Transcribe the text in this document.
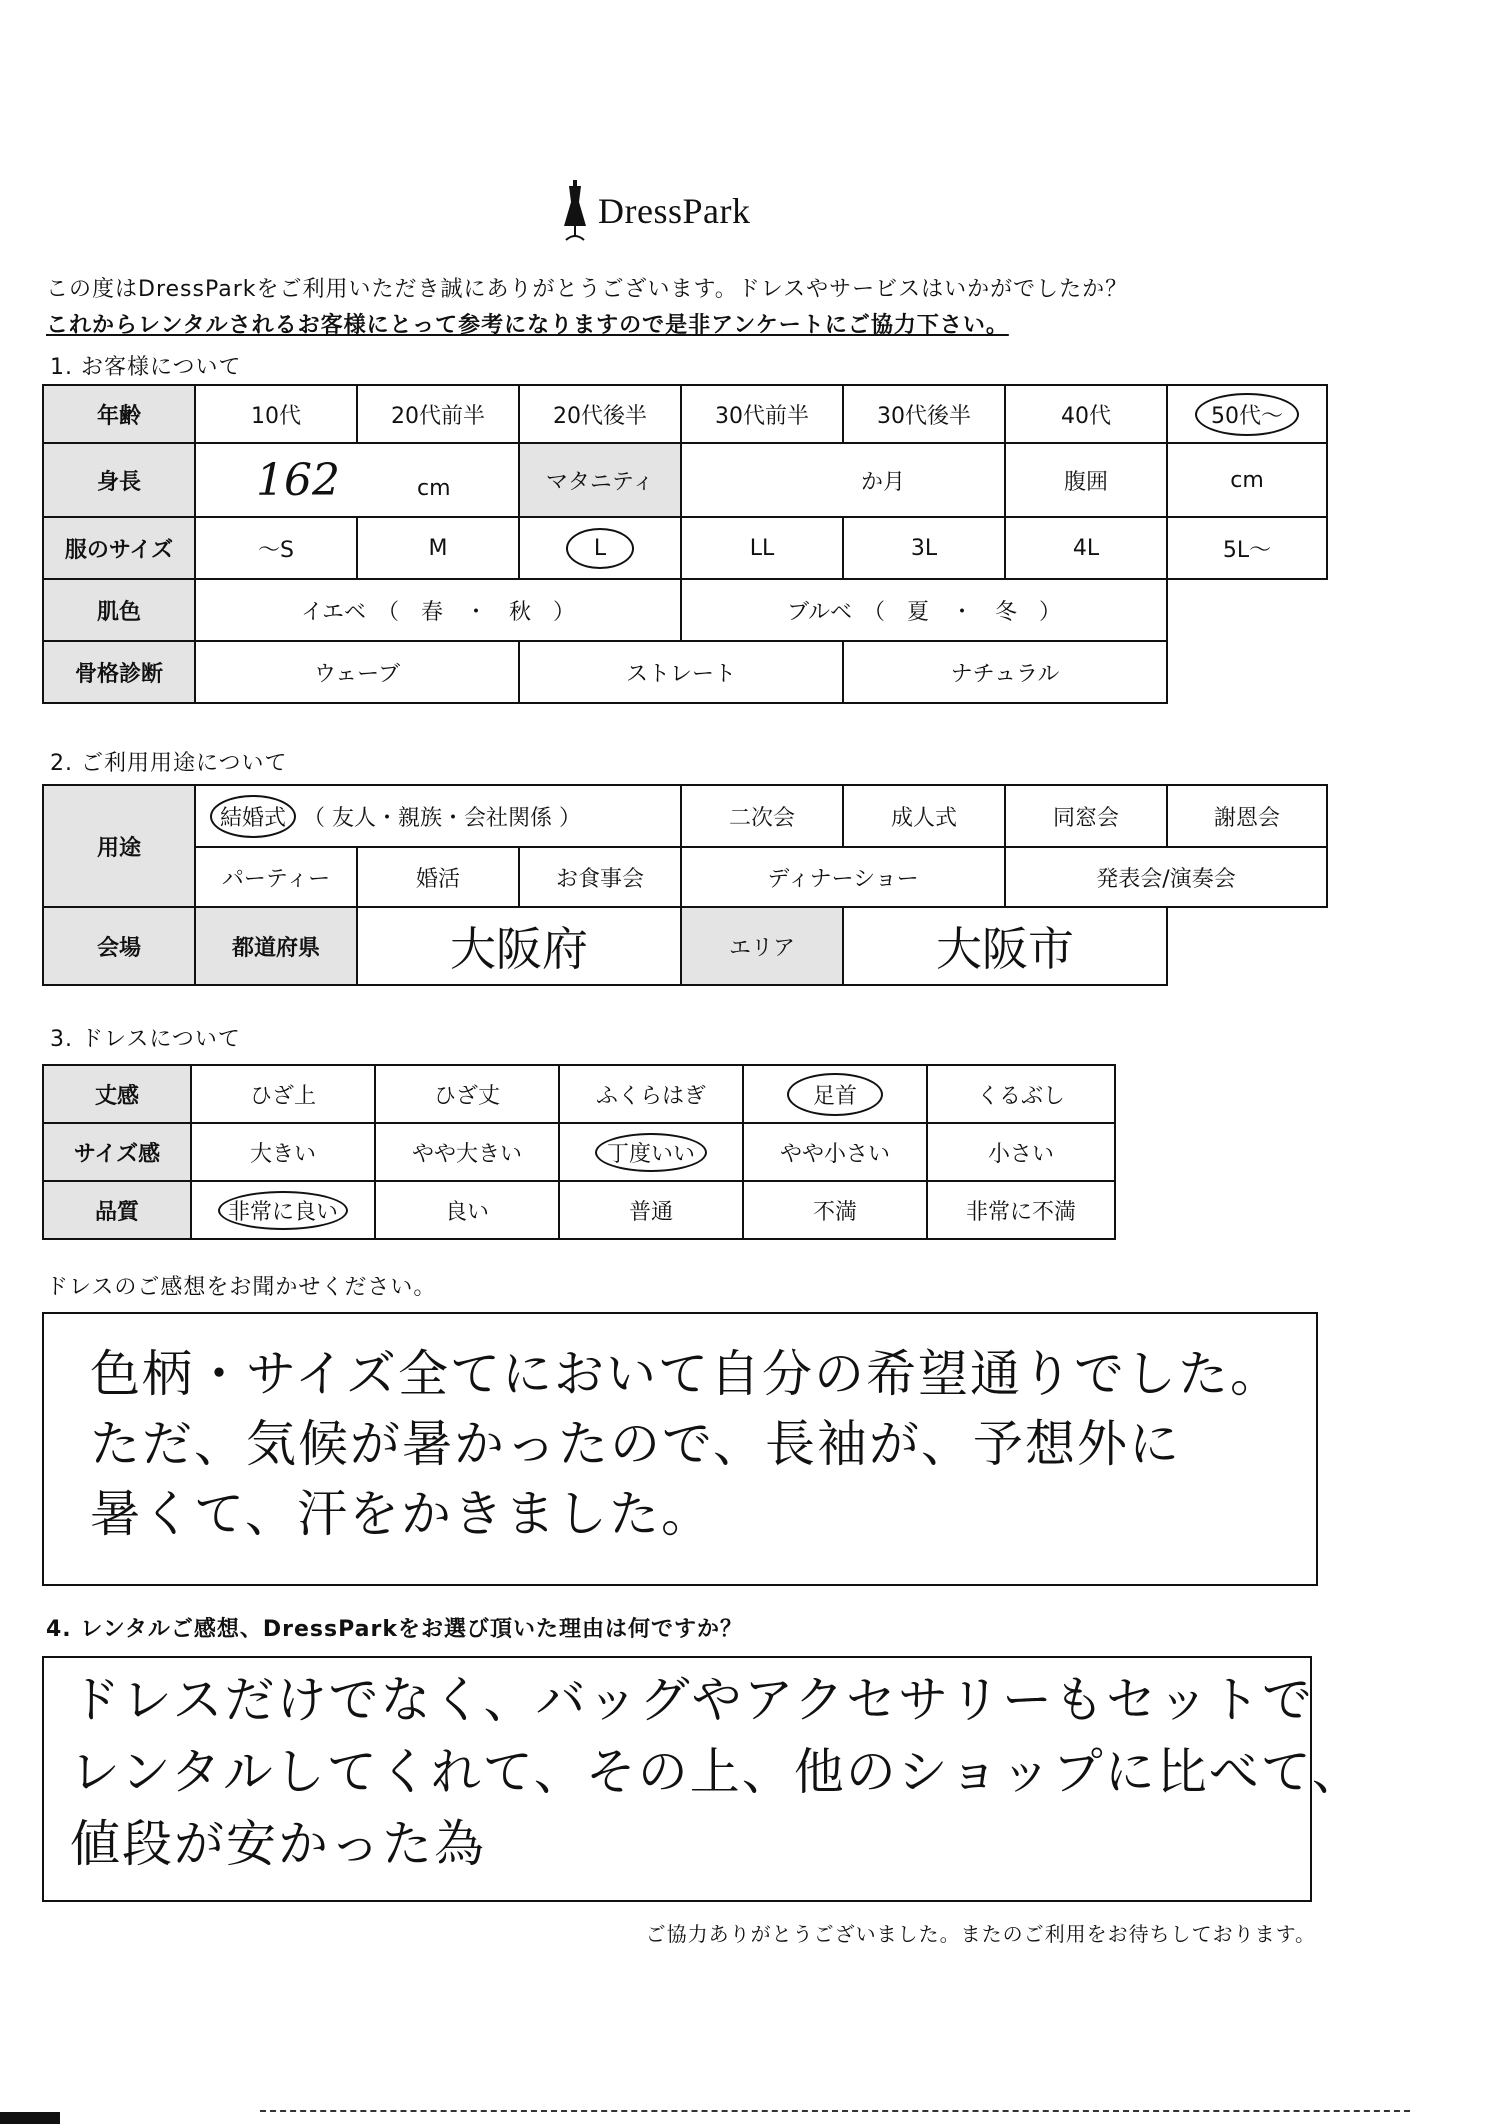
DressPark
この度はDressParkをご利用いただき誠にありがとうございます。ドレスやサービスはいかがでしたか？
これからレンタルされるお客様にとって参考になりますので是非アンケートにご協力下さい。
1. お客様について
年齢	10代	20代前半	20代後半	30代前半	30代後半	40代	50代～
身長	162 cm		マタニティ	か月		腹囲	cm
服のサイズ	～S	M	L	LL	3L	4L	5L～
肌色	イエベ　（　春　・　秋　）			ブルベ　（　夏　・　冬　）			
骨格診断	ウェーブ		ストレート		ナチュラル		
2. ご利用用途について
用途	結婚式 （ 友人・親族・会社関係 ）			二次会	成人式	同窓会	謝恩会
	パーティー	婚活	お食事会	ディナーショー		発表会/演奏会	
会場	都道府県	大阪府		エリア	大阪市		
3. ドレスについて
丈感	ひざ上	ひざ丈	ふくらはぎ	足首	くるぶし
サイズ感	大きい	やや大きい	丁度いい	やや小さい	小さい
品質	非常に良い	良い	普通	不満	非常に不満
ドレスのご感想をお聞かせください。
色柄・サイズ全てにおいて自分の希望通りでした。
ただ、気候が暑かったので、長袖が、予想外に
暑くて、汗をかきました。
4. レンタルご感想、DressParkをお選び頂いた理由は何ですか？
ドレスだけでなく、バッグやアクセサリーもセットで
レンタルしてくれて、その上、他のショップに比べて、
値段が安かった為
ご協力ありがとうございました。またのご利用をお待ちしております。
